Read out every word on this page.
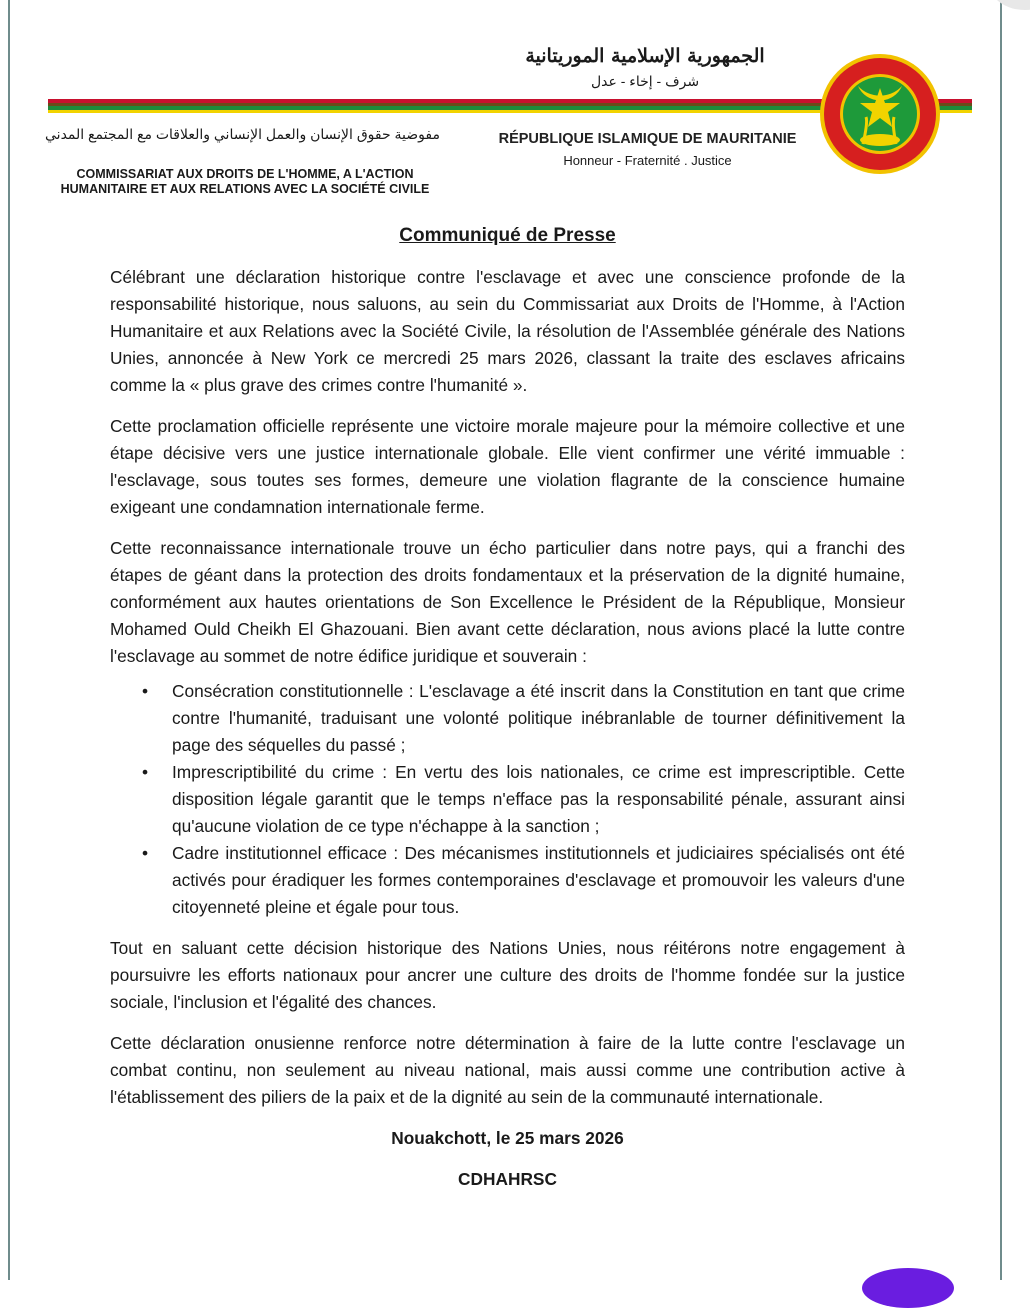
الجمهورية الإسلامية الموريتانية
شرف - إخاء - عدل
RÉPUBLIQUE ISLAMIQUE DE MAURITANIE
Honneur - Fraternité . Justice
مفوضية حقوق الإنسان والعمل الإنساني والعلاقات مع المجتمع المدني
COMMISSARIAT AUX DROITS DE L'HOMME, A L'ACTION
HUMANITAIRE ET AUX RELATIONS AVEC LA SOCIÉTÉ CIVILE
Communiqué de Presse

Célébrant une déclaration historique contre l'esclavage et avec une conscience profonde de la responsabilité historique, nous saluons, au sein du Commissariat aux Droits de l'Homme, à l'Action Humanitaire et aux Relations avec la Société Civile, la résolution de l'Assemblée générale des Nations Unies, annoncée à New York ce mercredi 25 mars 2026, classant la traite des esclaves africains comme la « plus grave des crimes contre l'humanité ».

Cette proclamation officielle représente une victoire morale majeure pour la mémoire collective et une étape décisive vers une justice internationale globale. Elle vient confirmer une vérité immuable : l'esclavage, sous toutes ses formes, demeure une violation flagrante de la conscience humaine exigeant une condamnation internationale ferme.

Cette reconnaissance internationale trouve un écho particulier dans notre pays, qui a franchi des étapes de géant dans la protection des droits fondamentaux et la préservation de la dignité humaine, conformément aux hautes orientations de Son Excellence le Président de la République, Monsieur Mohamed Ould Cheikh El Ghazouani. Bien avant cette déclaration, nous avions placé la lutte contre l'esclavage au sommet de notre édifice juridique et souverain :

• Consécration constitutionnelle : L'esclavage a été inscrit dans la Constitution en tant que crime contre l'humanité, traduisant une volonté politique inébranlable de tourner définitivement la page des séquelles du passé ;
• Imprescriptibilité du crime : En vertu des lois nationales, ce crime est imprescriptible. Cette disposition légale garantit que le temps n'efface pas la responsabilité pénale, assurant ainsi qu'aucune violation de ce type n'échappe à la sanction ;
• Cadre institutionnel efficace : Des mécanismes institutionnels et judiciaires spécialisés ont été activés pour éradiquer les formes contemporaines d'esclavage et promouvoir les valeurs d'une citoyenneté pleine et égale pour tous.

Tout en saluant cette décision historique des Nations Unies, nous réitérons notre engagement à poursuivre les efforts nationaux pour ancrer une culture des droits de l'homme fondée sur la justice sociale, l'inclusion et l'égalité des chances.

Cette déclaration onusienne renforce notre détermination à faire de la lutte contre l'esclavage un combat continu, non seulement au niveau national, mais aussi comme une contribution active à l'établissement des piliers de la paix et de la dignité au sein de la communauté internationale.

Nouakchott, le 25 mars 2026

CDHAHRSC
